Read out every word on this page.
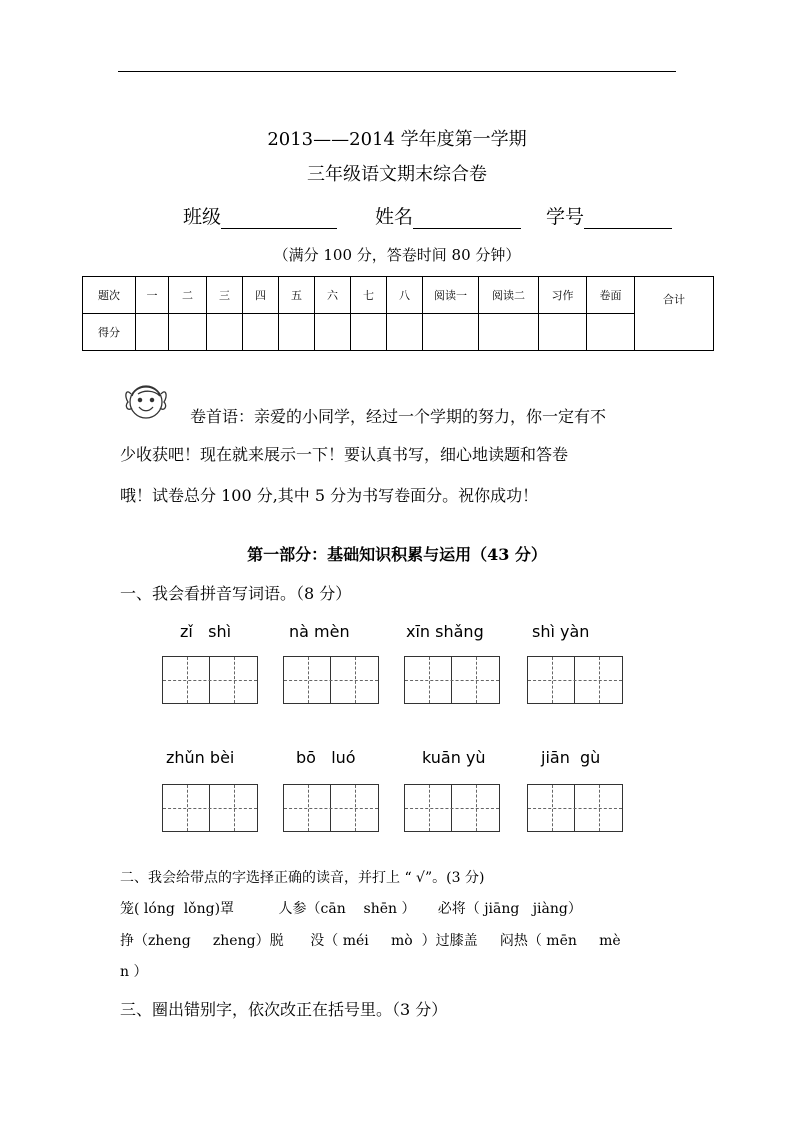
2013——2014 学年度第一学期
三年级语文期末综合卷
班级	姓名	学号
（满分 100 分，答卷时间 80 分钟）
题次	一	二	三	四	五	六	七	八	阅读一	阅读二	习作	卷面	合计
得分													
卷首语：亲爱的小同学，经过一个学期的努力，你一定有不
少收获吧！现在就来展示一下！要认真书写，细心地读题和答卷
哦！试卷总分 100 分,其中 5 分为书写卷面分。祝你成功！
第一部分：基础知识积累与运用（43 分）
一、我会看拼音写词语。（8 分）
zǐ   shì	nà mèn	xīn shǎng	shì yàn
zhǔn bèi	bō   luó	kuān yù	jiān  gù
二、我会给带点的字选择正确的读音，并打上 “ √”。(3 分)
笼( lóng  lǒng)罩          人参（cān    shēn ）     必将（ jiāng   jiàng）
挣（zheng     zheng）脱      没（ méi     mò  ）过膝盖     闷热（ mēn     mè
n ）
三、圈出错别字，依次改正在括号里。（3 分）
